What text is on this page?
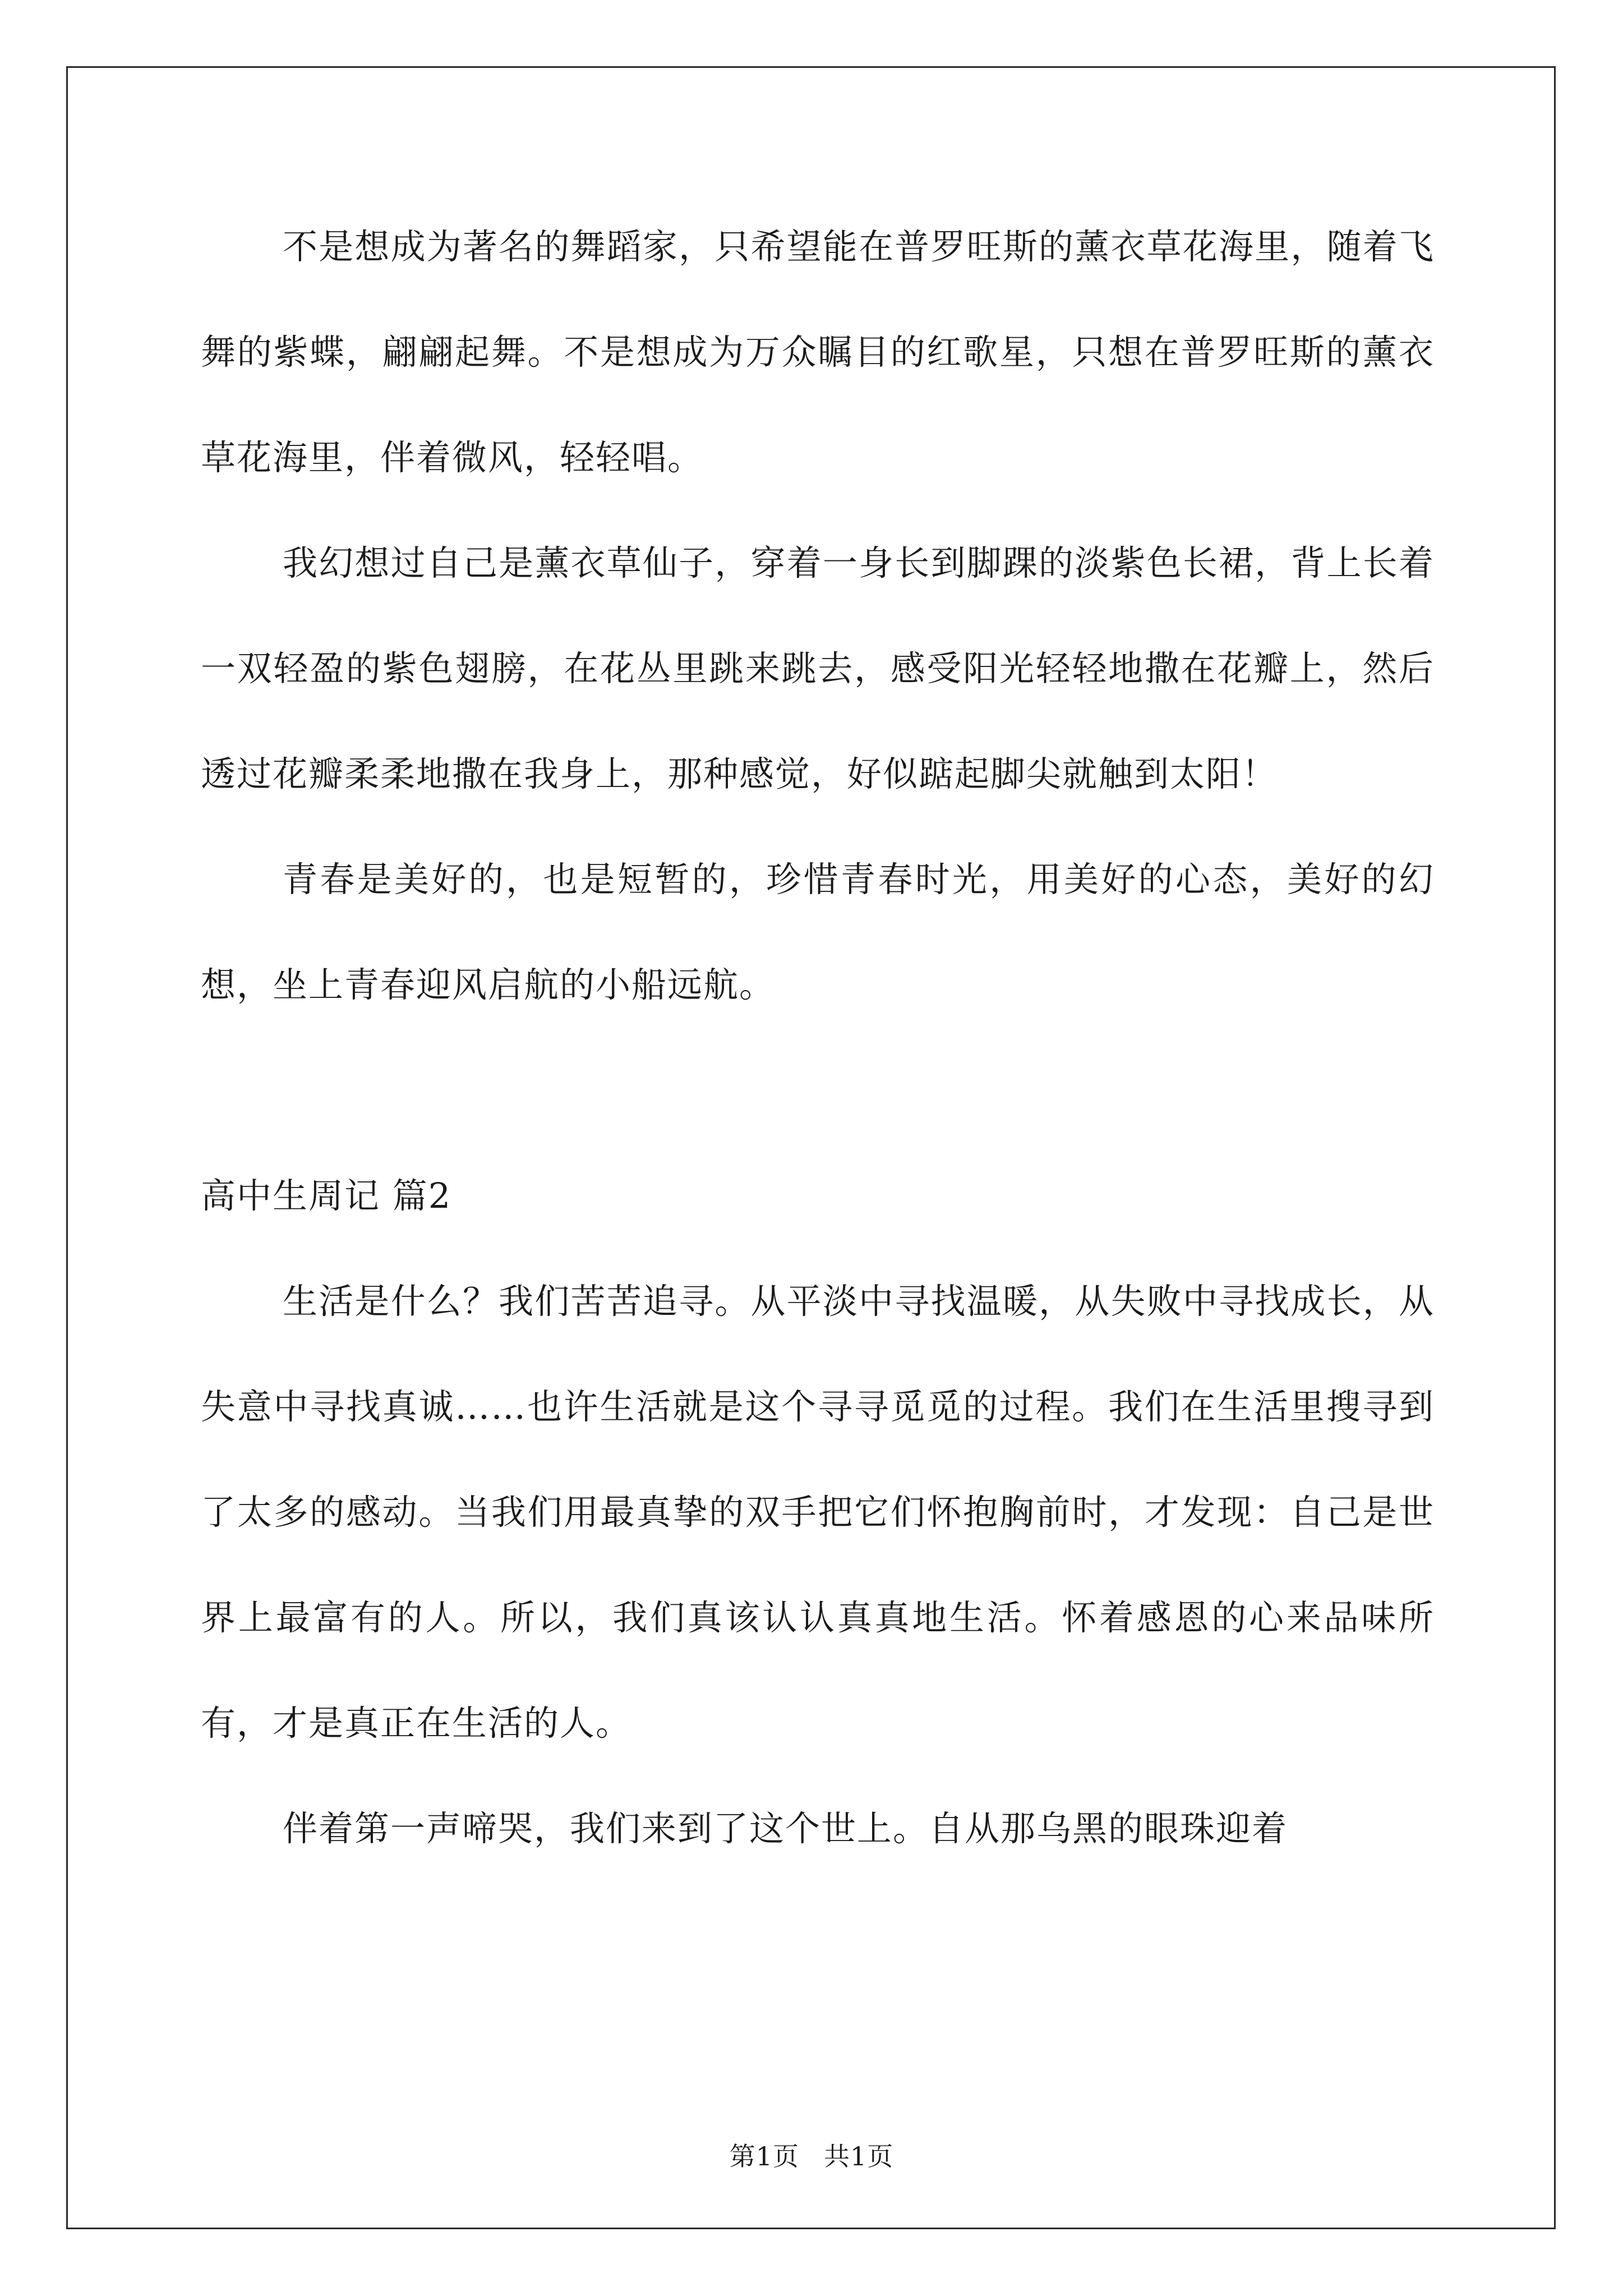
不是想成为著名的舞蹈家，只希望能在普罗旺斯的薰衣草花海里，随着飞舞的紫蝶，翩翩起舞。不是想成为万众瞩目的红歌星，只想在普罗旺斯的薰衣草花海里，伴着微风，轻轻唱。

我幻想过自己是薰衣草仙子，穿着一身长到脚踝的淡紫色长裙，背上长着一双轻盈的紫色翅膀，在花丛里跳来跳去，感受阳光轻轻地撒在花瓣上，然后透过花瓣柔柔地撒在我身上，那种感觉，好似踮起脚尖就触到太阳！

青春是美好的，也是短暂的，珍惜青春时光，用美好的心态，美好的幻想，坐上青春迎风启航的小船远航。

高中生周记 篇2

生活是什么？我们苦苦追寻。从平淡中寻找温暖，从失败中寻找成长，从失意中寻找真诚……也许生活就是这个寻寻觅觅的过程。我们在生活里搜寻到了太多的感动。当我们用最真挚的双手把它们怀抱胸前时，才发现：自己是世界上最富有的人。所以，我们真该认认真真地生活。怀着感恩的心来品味所有，才是真正在生活的人。

伴着第一声啼哭，我们来到了这个世上。自从那乌黑的眼珠迎着

第1页 共1页
